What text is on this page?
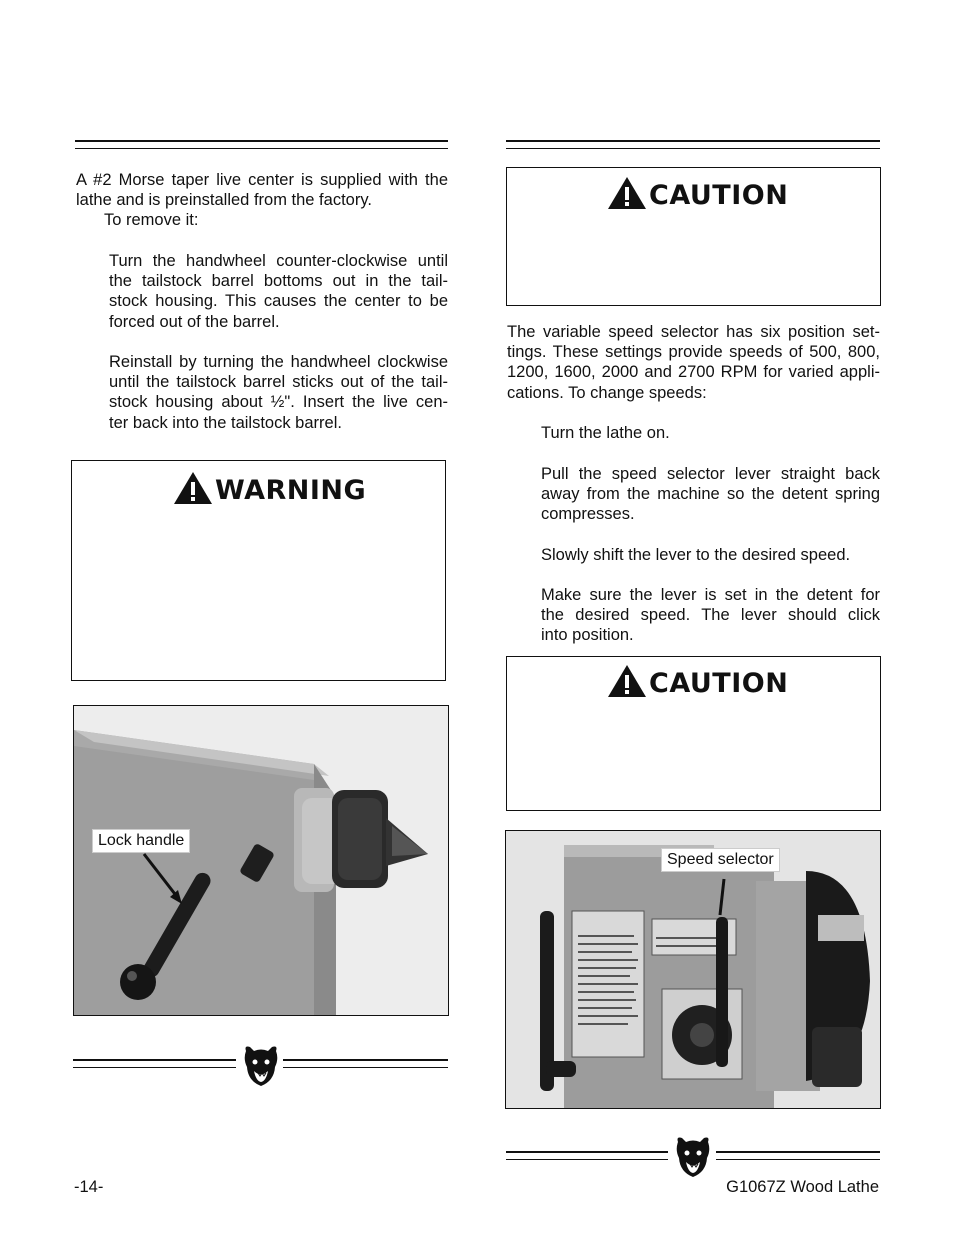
A #2 Morse taper live center is supplied with the
lathe and is preinstalled from the factory.
To remove it:
Turn the handwheel counter-clockwise until
the tailstock barrel bottoms out in the tail-
stock housing. This causes the center to be
forced out of the barrel.
Reinstall by turning the handwheel clockwise
until the tailstock barrel sticks out of the tail-
stock housing about ½". Insert the live cen-
ter back into the tailstock barrel.
WARNING
Lock handle
CAUTION
The variable speed selector has six position set-
tings. These settings provide speeds of 500, 800,
1200, 1600, 2000 and 2700 RPM for varied appli-
cations. To change speeds:
Turn the lathe on.
Pull the speed selector lever straight back
away from the machine so the detent spring
compresses.
Slowly shift the lever to the desired speed.
Make sure the lever is set in the detent for
the desired speed. The lever should click
into position.
CAUTION
Speed selector
-14-	G1067Z Wood Lathe
